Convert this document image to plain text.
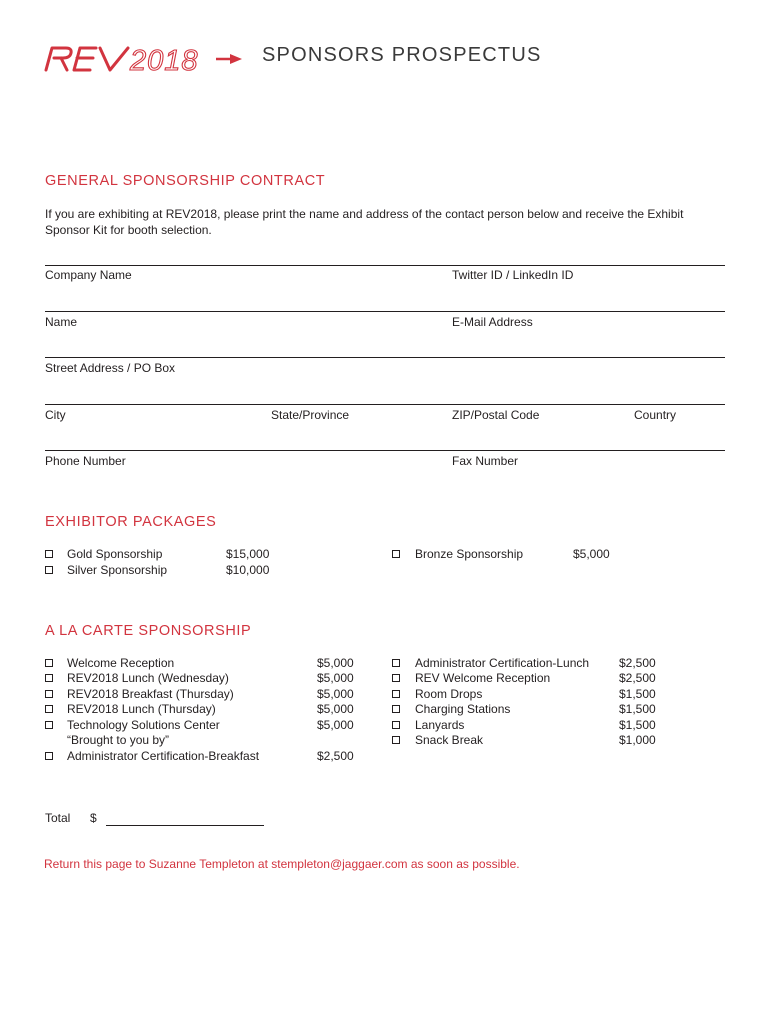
2018	SPONSORS PROSPECTUS
GENERAL SPONSORSHIP CONTRACT
If you are exhibiting at REV2018, please print the name and address of the contact person below and receive the Exhibit Sponsor Kit for booth selection.
Company Name	Twitter ID / LinkedIn ID
Name	E-Mail Address
Street Address / PO Box
City	State/Province	ZIP/Postal Code	Country
Phone Number	Fax Number
EXHIBITOR PACKAGES
Gold Sponsorship	$15,000
Silver Sponsorship	$10,000
Bronze Sponsorship	$5,000
A LA CARTE SPONSORSHIP
Welcome Reception	$5,000
REV2018 Lunch (Wednesday)	$5,000
REV2018 Breakfast (Thursday)	$5,000
REV2018 Lunch (Thursday)	$5,000
Technology Solutions Center	$5,000
“Brought to you by”
Administrator Certification-Breakfast	$2,500
Administrator Certification-Lunch $2,500
REV Welcome Reception	$2,500
Room Drops	$1,500
Charging Stations	$1,500
Lanyards	$1,500
Snack Break	$1,000
Total $
Return this page to Suzanne Templeton at stempleton@jaggaer.com as soon as possible.
